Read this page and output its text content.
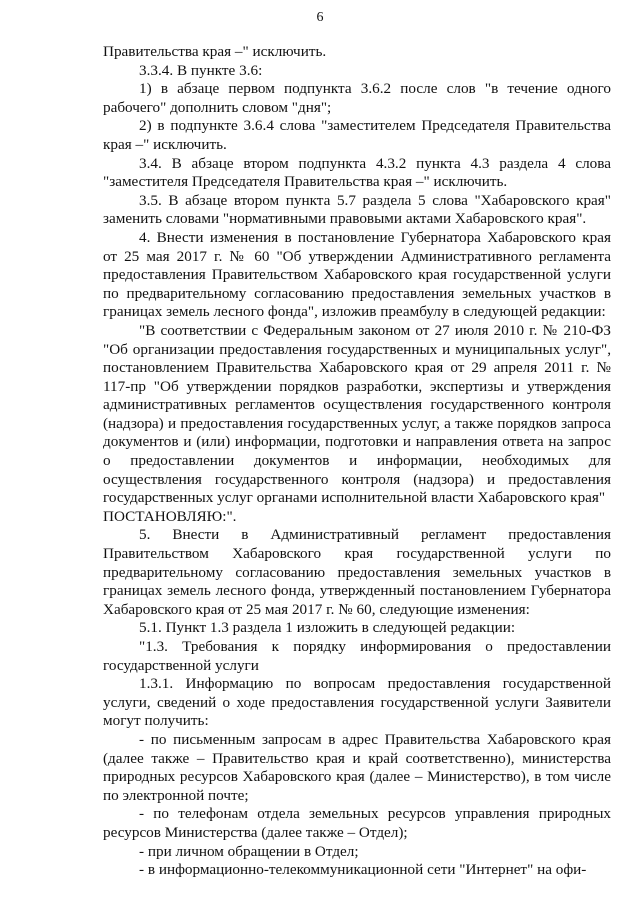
6

Правительства края –" исключить.

3.3.4. В пункте 3.6:

1) в абзаце первом подпункта 3.6.2 после слов "в течение одного рабочего" дополнить словом "дня";

2) в подпункте 3.6.4 слова "заместителем Председателя Правительства края –" исключить.

3.4. В абзаце втором подпункта 4.3.2 пункта 4.3 раздела 4 слова "заместителя Председателя Правительства края –" исключить.

3.5. В абзаце втором пункта 5.7 раздела 5 слова "Хабаровского края" заменить словами "нормативными правовыми актами Хабаровского края".

4. Внести изменения в постановление Губернатора Хабаровского края от 25 мая 2017 г. № 60 "Об утверждении Административного регламента предоставления Правительством Хабаровского края государственной услуги по предварительному согласованию предоставления земельных участков в границах земель лесного фонда", изложив преамбулу в следующей редакции:

"В соответствии с Федеральным законом от 27 июля 2010 г. № 210-ФЗ "Об организации предоставления государственных и муниципальных услуг", постановлением Правительства Хабаровского края от 29 апреля 2011 г. № 117-пр "Об утверждении порядков разработки, экспертизы и утверждения административных регламентов осуществления государственного контроля (надзора) и предоставления государственных услуг, а также порядков запроса документов и (или) информации, подготовки и направления ответа на запрос о предоставлении документов и информации, необходимых для осуществления государственного контроля (надзора) и предоставления государственных услуг органами исполнительной власти Хабаровского края"

ПОСТАНОВЛЯЮ:".

5. Внести в Административный регламент предоставления Правительством Хабаровского края государственной услуги по предварительному согласованию предоставления земельных участков в границах земель лесного фонда, утвержденный постановлением Губернатора Хабаровского края от 25 мая 2017 г. № 60, следующие изменения:

5.1. Пункт 1.3 раздела 1 изложить в следующей редакции:

"1.3. Требования к порядку информирования о предоставлении государственной услуги

1.3.1. Информацию по вопросам предоставления государственной услуги, сведений о ходе предоставления государственной услуги Заявители могут получить:

- по письменным запросам в адрес Правительства Хабаровского края (далее также – Правительство края и край соответственно), министерства природных ресурсов Хабаровского края (далее – Министерство), в том числе по электронной почте;

- по телефонам отдела земельных ресурсов управления природных ресурсов Министерства (далее также – Отдел);

- при личном обращении в Отдел;

- в информационно-телекоммуникационной сети "Интернет" на офи-
